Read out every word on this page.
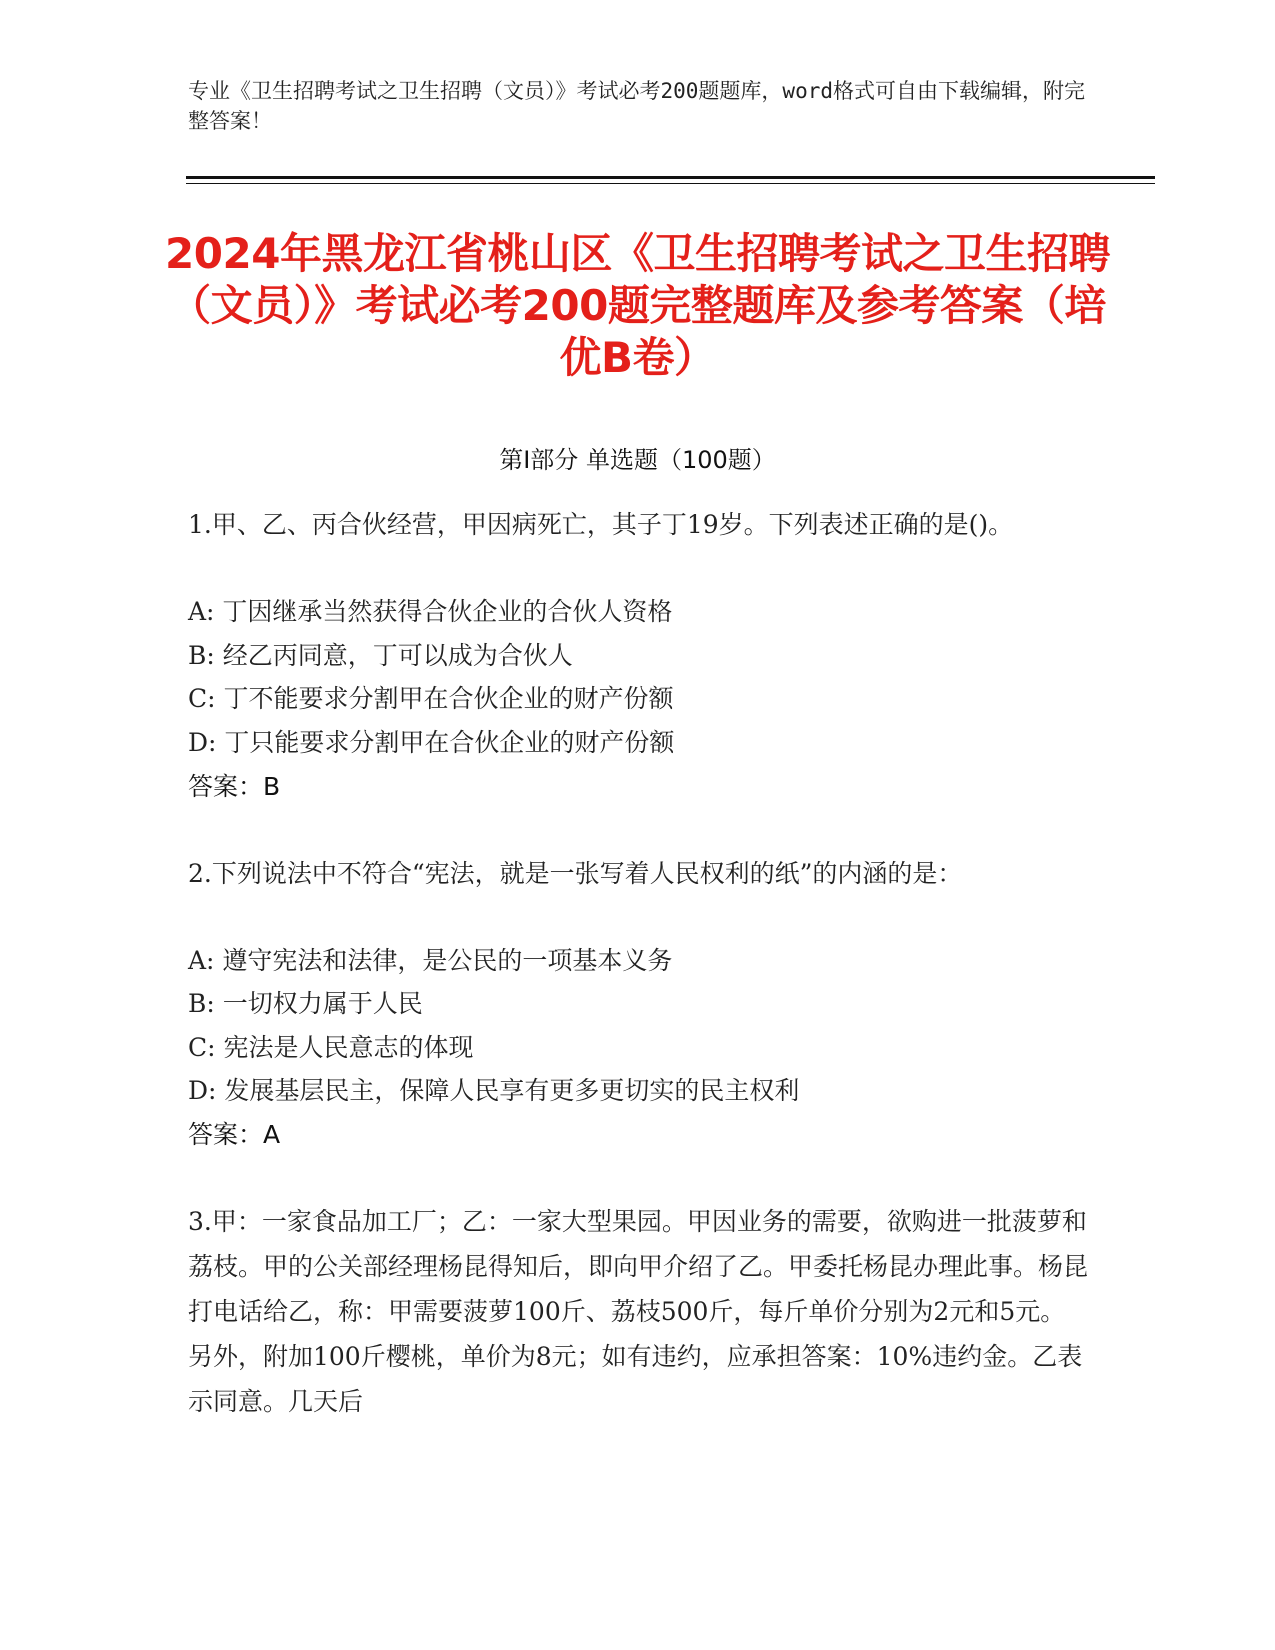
专业《卫生招聘考试之卫生招聘（文员）》考试必考200题题库，word格式可自由下载编辑，附完整答案！
2024年黑龙江省桃山区《卫生招聘考试之卫生招聘（文员）》考试必考200题完整题库及参考答案（培优B卷）
第Ⅰ部分 单选题（100题）
1.甲、乙、丙合伙经营，甲因病死亡，其子丁19岁。下列表述正确的是()。
A: 丁因继承当然获得合伙企业的合伙人资格
B: 经乙丙同意，丁可以成为合伙人
C: 丁不能要求分割甲在合伙企业的财产份额
D: 丁只能要求分割甲在合伙企业的财产份额
答案：B
2.下列说法中不符合“宪法，就是一张写着人民权利的纸”的内涵的是：
A: 遵守宪法和法律，是公民的一项基本义务
B: 一切权力属于人民
C: 宪法是人民意志的体现
D: 发展基层民主，保障人民享有更多更切实的民主权利
答案：A
3.甲：一家食品加工厂；乙：一家大型果园。甲因业务的需要，欲购进一批菠萝和荔枝。甲的公关部经理杨昆得知后，即向甲介绍了乙。甲委托杨昆办理此事。杨昆打电话给乙，称：甲需要菠萝100斤、荔枝500斤，每斤单价分别为2元和5元。另外，附加100斤樱桃，单价为8元；如有违约，应承担答案：10%违约金。乙表示同意。几天后
